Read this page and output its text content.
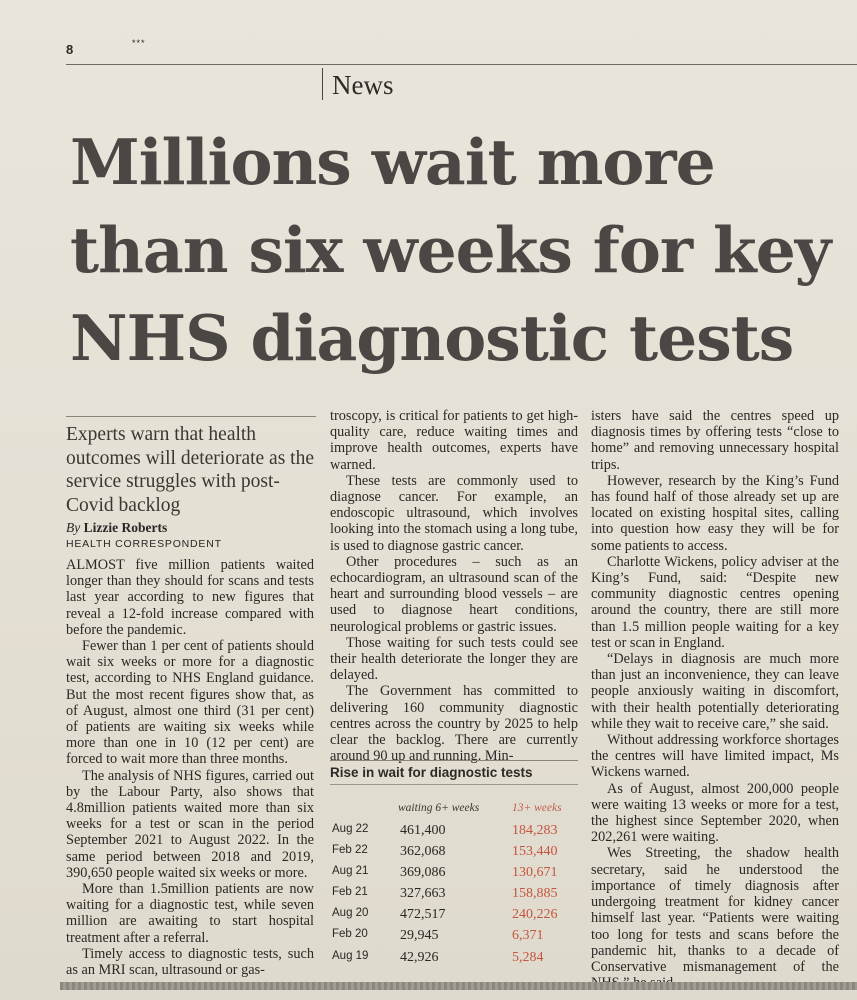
8	***
News
Millions wait more than six weeks for key NHS diagnostic tests
Experts warn that health outcomes will deteriorate as the service struggles with post-Covid backlog
By Lizzie Roberts
HEALTH CORRESPONDENT

ALMOST five million patients waited longer than they should for scans and tests last year according to new figures that reveal a 12-fold increase compared with before the pandemic.

Fewer than 1 per cent of patients should wait six weeks or more for a diagnostic test, according to NHS England guidance. But the most recent figures show that, as of August, almost one third (31 per cent) of patients are waiting six weeks while more than one in 10 (12 per cent) are forced to wait more than three months.

The analysis of NHS figures, carried out by the Labour Party, also shows that 4.8million patients waited more than six weeks for a test or scan in the period September 2021 to August 2022. In the same period between 2018 and 2019, 390,650 people waited six weeks or more.

More than 1.5million patients are now waiting for a diagnostic test, while seven million are awaiting to start hospital treatment after a referral.

Timely access to diagnostic tests, such as an MRI scan, ultrasound or gas-

troscopy, is critical for patients to get high-quality care, reduce waiting times and improve health outcomes, experts have warned.

These tests are commonly used to diagnose cancer. For example, an endoscopic ultrasound, which involves looking into the stomach using a long tube, is used to diagnose gastric cancer.

Other procedures – such as an echocardiogram, an ultrasound scan of the heart and surrounding blood vessels – are used to diagnose heart conditions, neurological problems or gastric issues.

Those waiting for such tests could see their health deteriorate the longer they are delayed.

The Government has committed to delivering 160 community diagnostic centres across the country by 2025 to help clear the backlog. There are currently around 90 up and running. Min-

isters have said the centres speed up diagnosis times by offering tests “close to home” and removing unnecessary hospital trips.

However, research by the King’s Fund has found half of those already set up are located on existing hospital sites, calling into question how easy they will be for some patients to access.

Charlotte Wickens, policy adviser at the King’s Fund, said: “Despite new community diagnostic centres opening around the country, there are still more than 1.5 million people waiting for a key test or scan in England.

“Delays in diagnosis are much more than just an inconvenience, they can leave people anxiously waiting in discomfort, with their health potentially deteriorating while they wait to receive care,” she said.

Without addressing workforce shortages the centres will have limited impact, Ms Wickens warned.

As of August, almost 200,000 people were waiting 13 weeks or more for a test, the highest since September 2020, when 202,261 were waiting.

Wes Streeting, the shadow health secretary, said he understood the importance of timely diagnosis after undergoing treatment for kidney cancer himself last year. “Patients were waiting too long for tests and scans before the pandemic hit, thanks to a decade of Conservative mismanagement of the

Rise in wait for diagnostic tests
waiting 6+ weeks	13+ weeks
Aug 22 461,400	184,283
Feb 22 362,068	153,440
Aug 21 369,086	130,671
Feb 21 327,663	158,885
Aug 20 472,517	240,226
Feb 20 29,945	6,371
Aug 19 42,926	5,284
